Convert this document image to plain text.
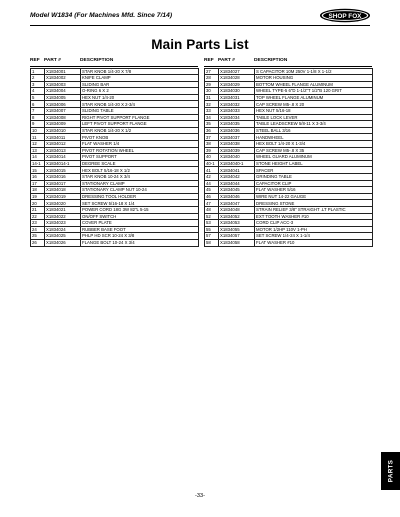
Model W1834 (For Machines Mfd. Since 7/14)	SHOP FOX
Main Parts List
REF PART #	DESCRIPTION
1	X1834001	STAR KNOB 1/4-20 X 7/8
2	X1834002	KNIFE CLAMP
3	X1834003	SLIDING BAR
4	X1834004	O-RING 6 X 2
5	X1834005	HEX NUT 1/4-20
6	X1834006	STAR KNOB 1/4-20 X 2-3/4
7	X1834007	SLIDING TABLE
8	X1834008	RIGHT PIVOT SUPPORT FLANGE
9	X1834009	LEFT PIVOT SUPPORT FLANGE
10	X1834010	STAR KNOB 1/4-20 X 1/2
11	X1834011	PIVOT KNOB
12	X1834012	FLAT WASHER 1/4
13	X1834013	PIVOT ROTATION WHEEL
14	X1834014	PIVOT SUPPORT
14-1	X1834014-1	DEGREE SCALE
15	X1834015	HEX BOLT 5/16-18 X 1/2
16	X1834016	STAR KNOB 10-24 X 3/4
17	X1834017	STATIONARY CLAMP
18	X1834018	STATIONARY CLAMP NUT 10-24
19	X1834019	DRESSING TOOL HOLDER
20	X1834020	SET SCREW 5/16-18 X 1/4
21	X1834021	POWER CORD 18G 3W 82"L 5-15
22	X1834022	ON/OFF SWITCH
23	X1834023	COVER PLATE
24	X1834024	RUBBER BASE FOOT
25	X1834025	PHLP HD SCR 10-24 X 3/8
26	X1834026	FLANGE BOLT 10-24 X 3/4
REF PART #	DESCRIPTION
27	X1834027	S CAPACITOR 10M 250V 1-1/8 X 1-1/2
28	X1834028	MOTOR HOUSING
29	X1834029	BOTTOM WHEEL FLANGE ALUMINUM
30	X1834030	WHEEL TYPE-5 6"D 1-1/2"T 1/2"B 120 GRIT
31	X1834031	TOP WHEEL FLANGE ALUMINUM
32	X1834032	CAP SCREW M5-.8 X 20
33	X1834033	HEX NUT 5/16-18
34	X1834034	TABLE LOCK LEVER
35	X1834035	TABLE LEADSCREW 5/8-11 X 3-3/4
36	X1834036	STEEL BALL 3/16
37	X1834037	HANDWHEEL
38	X1834038	HEX BOLT 1/4-20 X 1-3/4
39	X1834039	CAP SCREW M5-.8 X 35
40	X1834040	WHEEL GUARD ALUMINUM
40-1	X1834040-1	STONE HEIGHT LABEL
41	X1834041	SPACER
42	X1834042	GRINDING TABLE
44	X1834044	CAPACITOR CLIP
45	X1834045	FLAT WASHER 5/16
46	X1834046	WIRE NUT 14-22 GAUGE
47	X1834047	DRESSING STONE
48	X1834048	STRAIN RELIEF 3/8" STRAIGHT .LT PLASTIC
52	X1834052	EXT TOOTH WASHER #10
53	X1834053	CORD CLIP ACC-3
55	X1834055	MOTOR 1/2HP 110V 1-PH
57	X1834057	SET SCREW 1/4-24 X 1-1/4
58	X1834058	FLAT WASHER #10
PARTS
-33-
